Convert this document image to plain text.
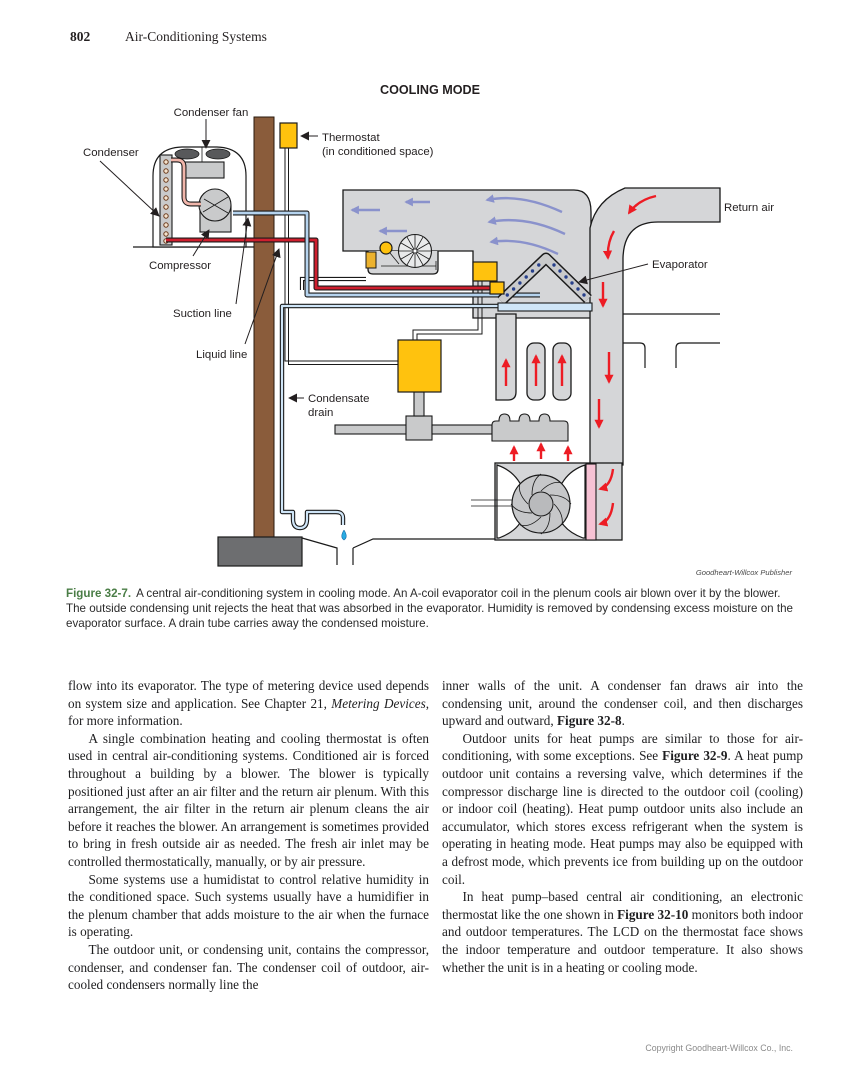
802	Air-Conditioning Systems
COOLING MODE
Condenser fan
Condenser
Thermostat
(in conditioned space)
Compressor
Suction line
Liquid line
Condensate
drain
Evaporator
Return air
Goodheart-Willcox Publisher
Figure 32-7. A central air-conditioning system in cooling mode. An A-coil evaporator coil in the plenum cools air blown over it by the blower. The outside condensing unit rejects the heat that was absorbed in the evaporator. Humidity is removed by condensing excess moisture on the evaporator surface. A drain tube carries away the condensed moisture.

flow into its evaporator. The type of metering device used depends on system size and application. See Chapter 21, Metering Devices, for more information.

A single combination heating and cooling thermostat is often used in central air-conditioning systems. Conditioned air is forced throughout a building by a blower. The blower is typically positioned just after an air filter and the return air plenum. With this arrangement, the air filter in the return air plenum cleans the air before it reaches the blower. An arrangement is sometimes provided to bring in fresh outside air as needed. The fresh air inlet may be controlled thermostatically, manually, or by air pressure.

Some systems use a humidistat to control relative humidity in the conditioned space. Such systems usually have a humidifier in the plenum chamber that adds moisture to the air when the furnace is operating.

The outdoor unit, or condensing unit, contains the compressor, condenser, and condenser fan. The condenser coil of outdoor, air-cooled condensers normally line the

inner walls of the unit. A condenser fan draws air into the condensing unit, around the condenser coil, and then discharges upward and outward, Figure 32-8.

Outdoor units for heat pumps are similar to those for air-conditioning, with some exceptions. See Figure 32-9. A heat pump outdoor unit contains a reversing valve, which determines if the compressor discharge line is directed to the outdoor coil (cooling) or indoor coil (heating). Heat pump outdoor units also include an accumulator, which stores excess refrigerant when the system is operating in heating mode. Heat pumps may also be equipped with a defrost mode, which prevents ice from building up on the outdoor coil.

In heat pump–based central air conditioning, an electronic thermostat like the one shown in Figure 32-10 monitors both indoor and outdoor temperatures. The LCD on the thermostat face shows the indoor temperature and outdoor temperature. It also shows whether the unit is in a heating or cooling mode.

Copyright Goodheart-Willcox Co., Inc.
